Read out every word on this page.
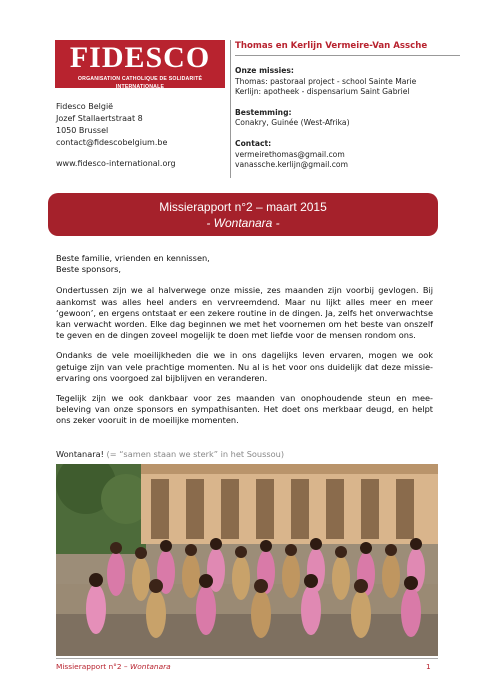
FIDESCO
ORGANISATION CATHOLIQUE DE SOLIDARITÉ INTERNATIONALE
Fidesco België
Jozef Stallaertstraat 8
1050 Brussel
contact@fidescobelgium.be
www.fidesco-international.org
Thomas en Kerlijn Vermeire-Van Assche
Onze missies:
Thomas: pastoraal project - school Sainte Marie
Kerlijn: apotheek - dispensarium Saint Gabriel
Bestemming:
Conakry, Guinée (West-Afrika)
Contact:
vermeirethomas@gmail.com
vanassche.kerlijn@gmail.com
Missierapport n°2 – maart 2015
- Wontanara -

Beste familie, vrienden en kennissen,

Beste sponsors,

Ondertussen zijn we al halverwege onze missie, zes maanden zijn voorbij gevlogen. Bij aankomst was alles heel anders en vervreemdend. Maar nu lijkt alles meer en meer ‘gewoon’, en ergens ontstaat er een zekere routine in de dingen. Ja, zelfs het onverwachtse kan verwacht worden. Elke dag beginnen we met het voornemen om het beste van onszelf te geven en de dingen zoveel mogelijk te doen met liefde voor de mensen rondom ons.

Ondanks de vele moeilijkheden die we in ons dagelijks leven ervaren, mogen we ook getuige zijn van vele prachtige momenten. Nu al is het voor ons duidelijk dat deze missie-ervaring ons voorgoed zal bijblijven en veranderen.

Tegelijk zijn we ook dankbaar voor zes maanden van onophoudende steun en mee-beleving van onze sponsors en sympathisanten. Het doet ons merkbaar deugd, en helpt ons zeker vooruit in de moeilijke momenten.

Wontanara! (= “samen staan we sterk” in het Soussou)
Missierapport n°2 – Wontanara	1
